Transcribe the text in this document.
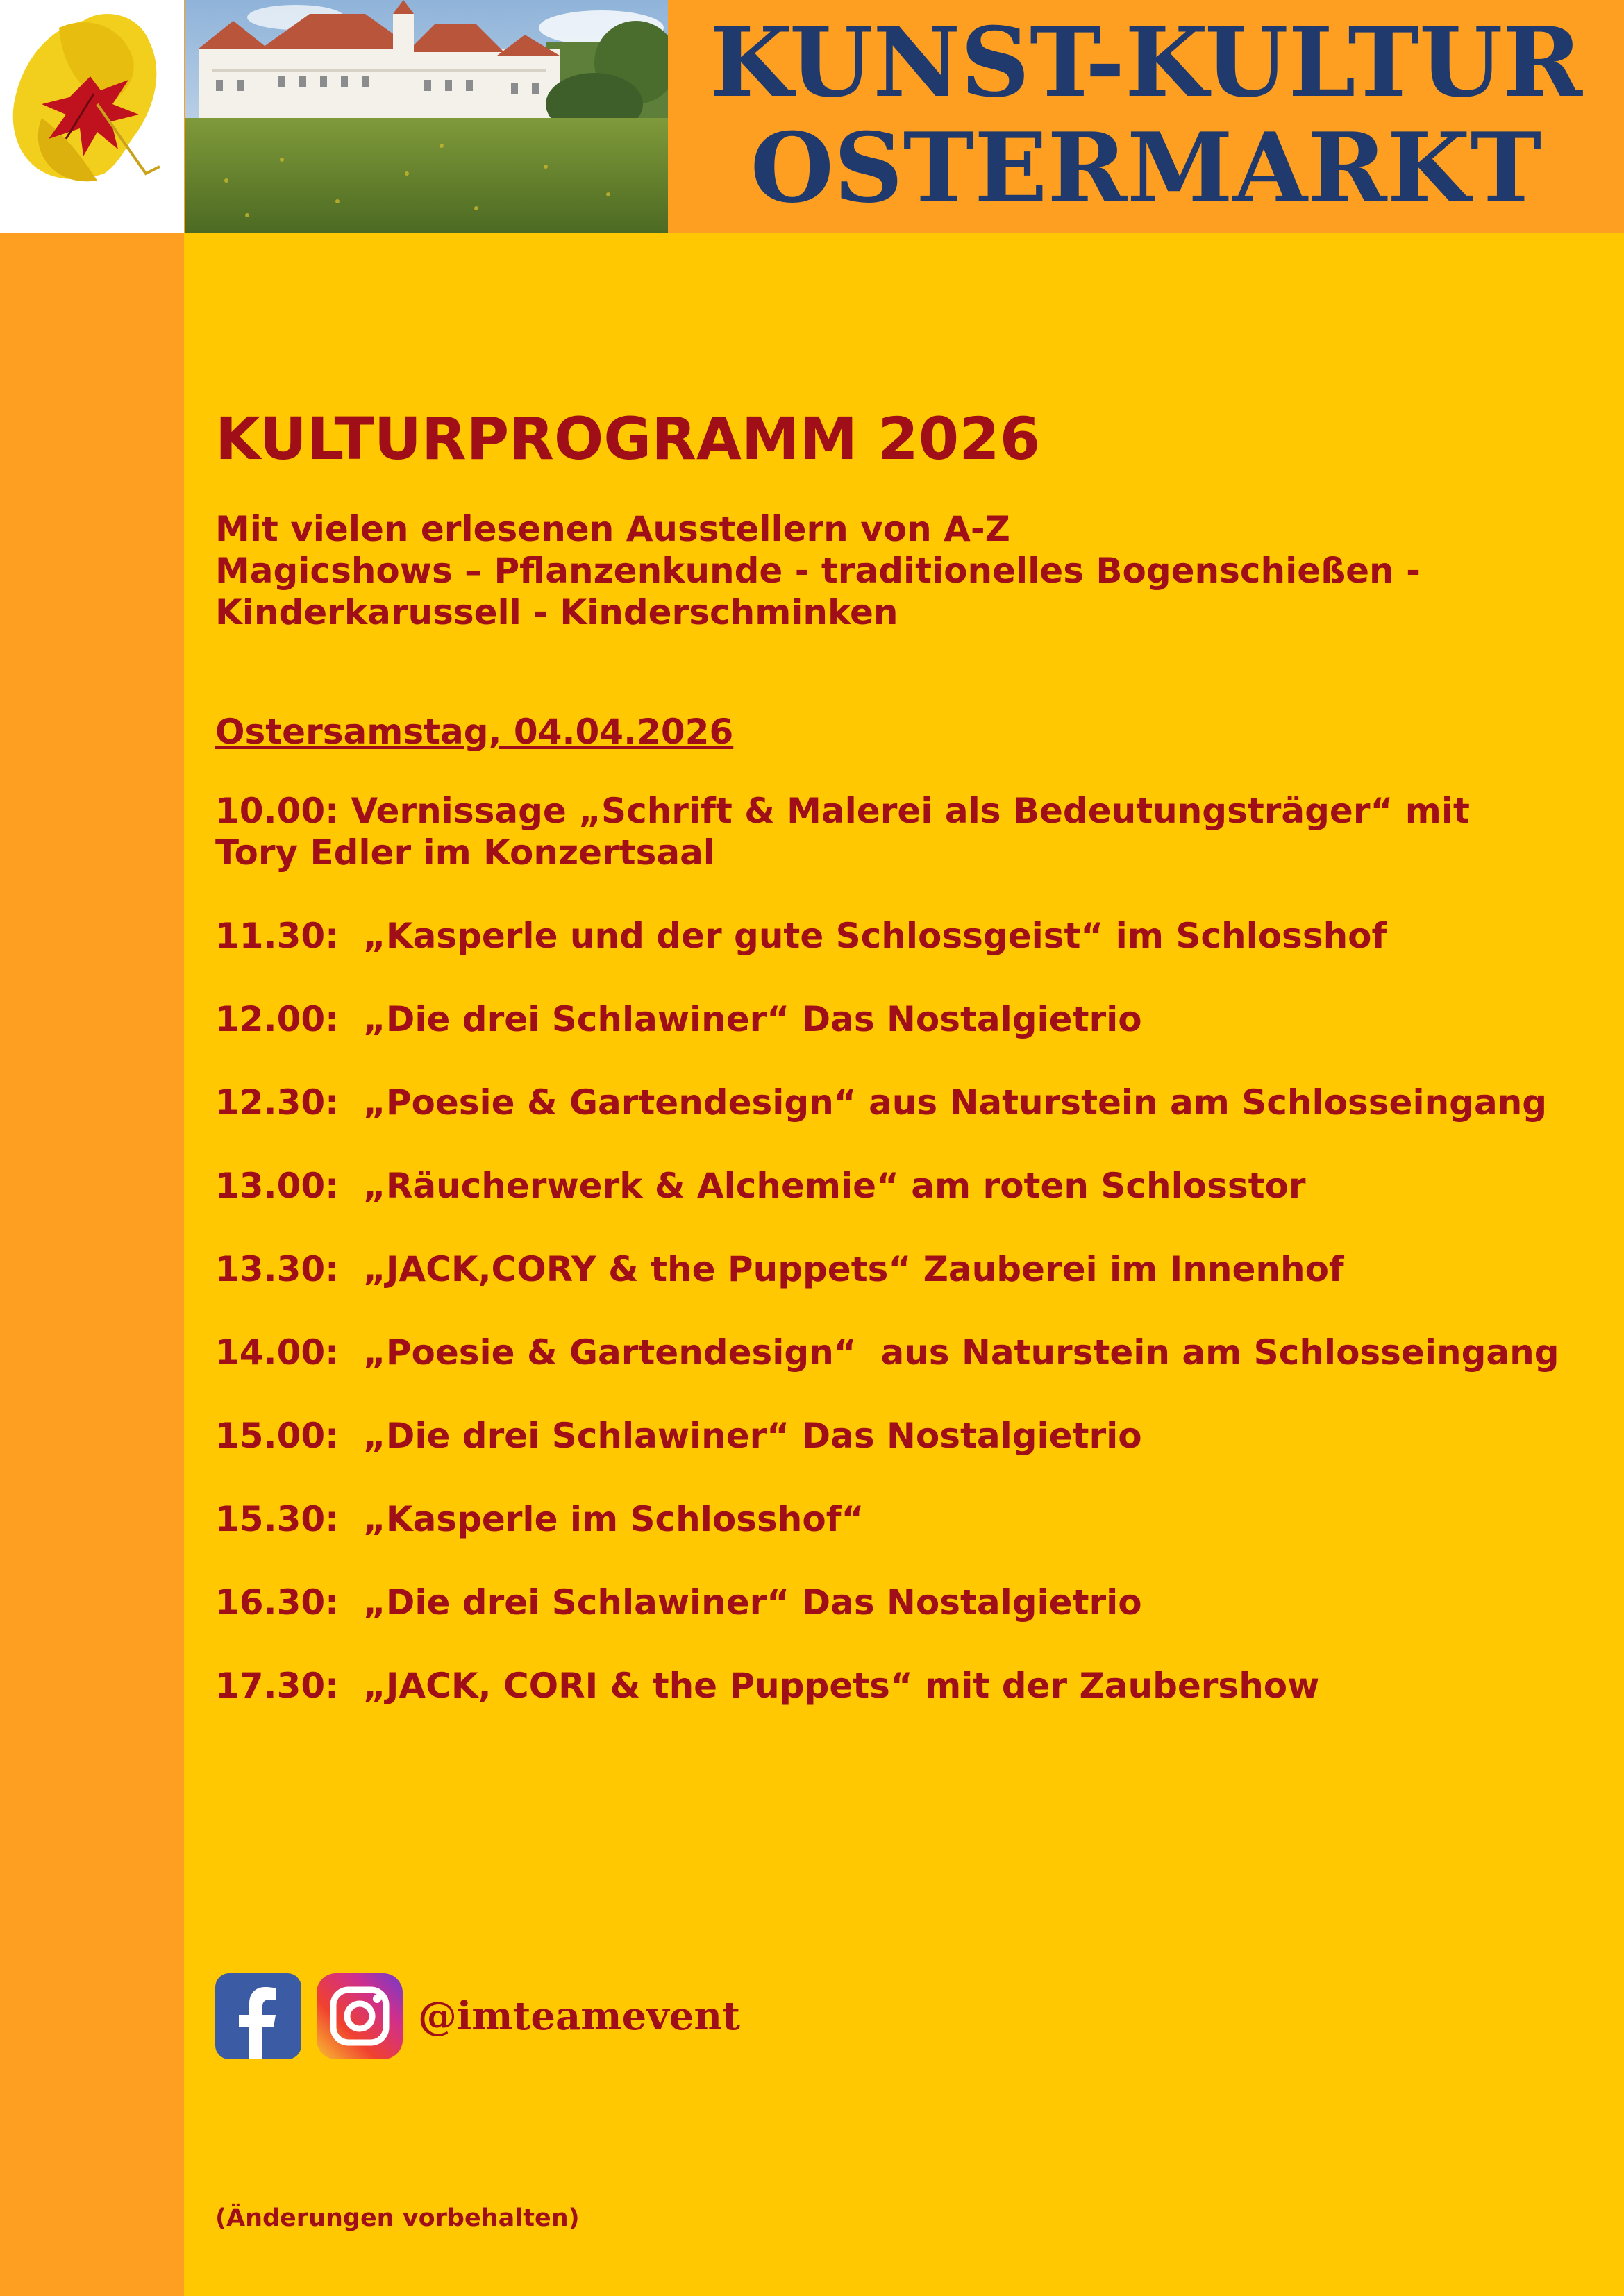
KUNST-KULTUR
OSTERMARKT
KULTURPROGRAMM 2026
Mit vielen erlesenen Ausstellern von A-Z
Magicshows – Pflanzenkunde - traditionelles Bogenschießen -
Kinderkarussell - Kinderschminken
Ostersamstag, 04.04.2026
10.00: Vernissage „Schrift & Malerei als Bedeutungsträger“ mit
Tory Edler im Konzertsaal
11.30:  „Kasperle und der gute Schlossgeist“ im Schlosshof
12.00:  „Die drei Schlawiner“ Das Nostalgietrio
12.30:  „Poesie & Gartendesign“ aus Naturstein am Schlosseingang
13.00:  „Räucherwerk & Alchemie“ am roten Schlosstor
13.30:  „JACK,CORY & the Puppets“ Zauberei im Innenhof
14.00:  „Poesie & Gartendesign“  aus Naturstein am Schlosseingang
15.00:  „Die drei Schlawiner“ Das Nostalgietrio
15.30:  „Kasperle im Schlosshof“
16.30:  „Die drei Schlawiner“ Das Nostalgietrio
17.30:  „JACK, CORI & the Puppets“ mit der Zaubershow
@imteamevent
(Änderungen vorbehalten)
